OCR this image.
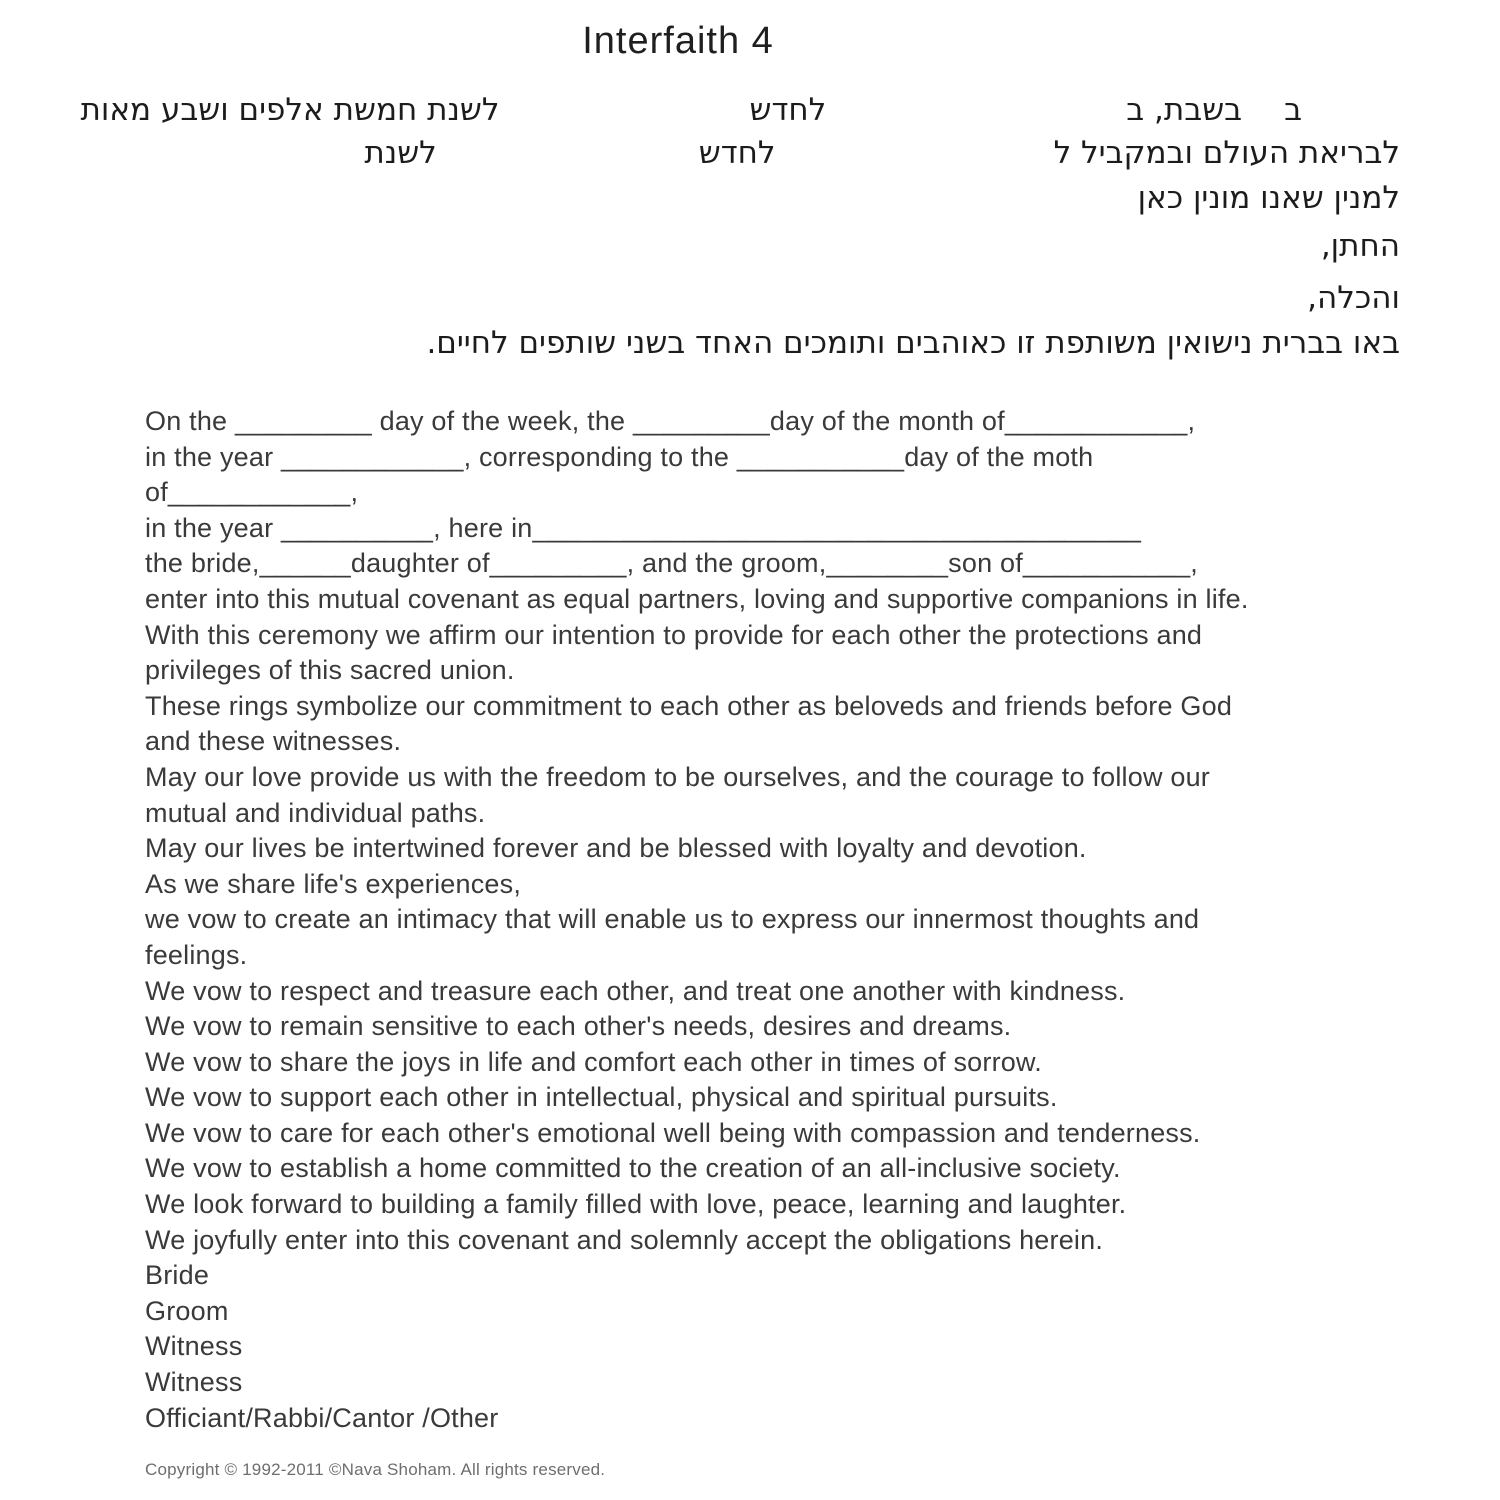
Interfaith 4
ב
בשבת, ב
לחדש
לשנת חמשת אלפים ושבע מאות
לבריאת העולם ובמקביל ל
לחדש
לשנת
למנין שאנו מונין כאן
החתן,
והכלה,
באו בברית נישואין משותפת זו כאוהבים ותומכים האחד בשני שותפים לחיים.
On the _________ day of the week, the _________day of the month of____________,
in the year ____________, corresponding to the ___________day of the moth
of____________,
in the year __________, here in________________________________________
the bride,______daughter of_________, and the groom,________son of___________,
enter into this mutual covenant as equal partners, loving and supportive companions in life.
With this ceremony we affirm our intention to provide for each other the protections and
privileges of this sacred union.
These rings symbolize our commitment to each other as beloveds and friends before God
and these witnesses.
May our love provide us with the freedom to be ourselves, and the courage to follow our
mutual and individual paths.
May our lives be intertwined forever and be blessed with loyalty and devotion.
As we share life's experiences,
we vow to create an intimacy that will enable us to express our innermost thoughts and
feelings.
We vow to respect and treasure each other, and treat one another with kindness.
We vow to remain sensitive to each other's needs, desires and dreams.
We vow to share the joys in life and comfort each other in times of sorrow.
We vow to support each other in intellectual, physical and spiritual pursuits.
We vow to care for each other's emotional well being with compassion and tenderness.
We vow to establish a home committed to the creation of an all-inclusive society.
We look forward to building a family filled with love, peace, learning and laughter.
We joyfully enter into this covenant and solemnly accept the obligations herein.
Bride
Groom
Witness
Witness
Officiant/Rabbi/Cantor /Other
Copyright © 1992-2011 ©Nava Shoham. All rights reserved.
